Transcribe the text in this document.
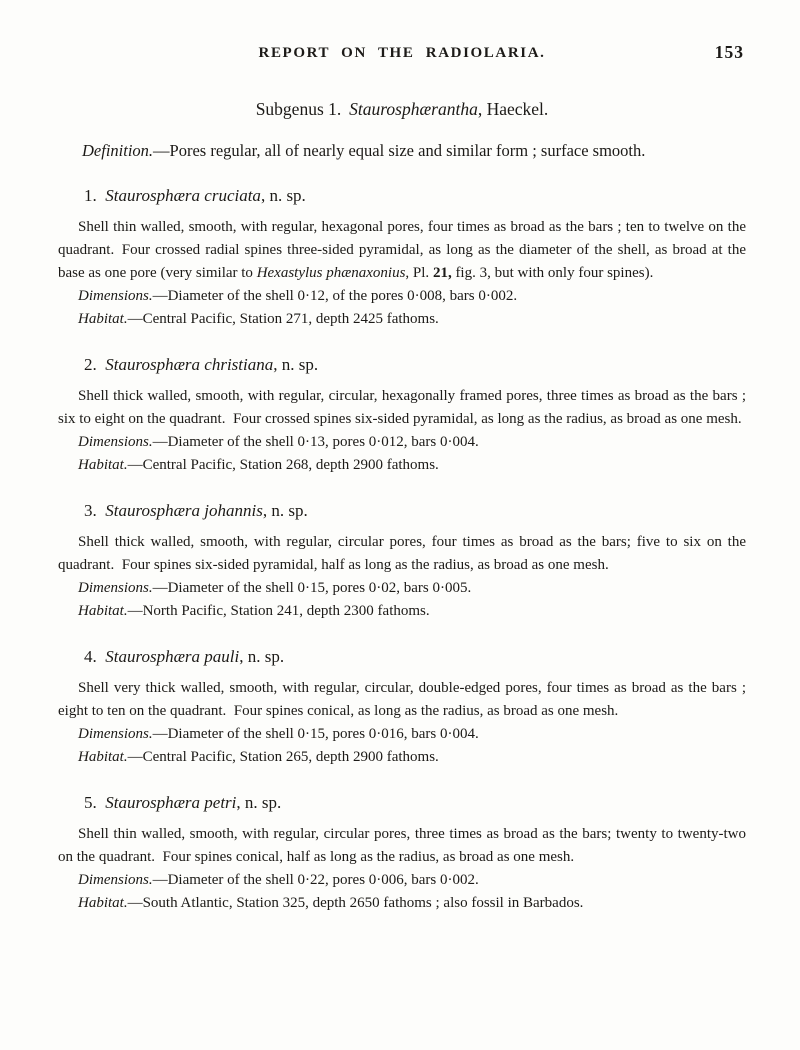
REPORT ON THE RADIOLARIA.	153
Subgenus 1. Staurosphærantha, Haeckel.

Definition.—Pores regular, all of nearly equal size and similar form ; surface smooth.

1. Staurosphæra cruciata, n. sp.

Shell thin walled, smooth, with regular, hexagonal pores, four times as broad as the bars ; ten to twelve on the quadrant. Four crossed radial spines three-sided pyramidal, as long as the diameter of the shell, as broad at the base as one pore (very similar to Hexastylus phænaxonius, Pl. 21, fig. 3, but with only four spines).

Dimensions.—Diameter of the shell 0·12, of the pores 0·008, bars 0·002.

Habitat.—Central Pacific, Station 271, depth 2425 fathoms.

2. Staurosphæra christiana, n. sp.

Shell thick walled, smooth, with regular, circular, hexagonally framed pores, three times as broad as the bars ; six to eight on the quadrant. Four crossed spines six-sided pyramidal, as long as the radius, as broad as one mesh.

Dimensions.—Diameter of the shell 0·13, pores 0·012, bars 0·004.

Habitat.—Central Pacific, Station 268, depth 2900 fathoms.

3. Staurosphæra johannis, n. sp.

Shell thick walled, smooth, with regular, circular pores, four times as broad as the bars; five to six on the quadrant. Four spines six-sided pyramidal, half as long as the radius, as broad as one mesh.

Dimensions.—Diameter of the shell 0·15, pores 0·02, bars 0·005.

Habitat.—North Pacific, Station 241, depth 2300 fathoms.

4. Staurosphæra pauli, n. sp.

Shell very thick walled, smooth, with regular, circular, double-edged pores, four times as broad as the bars ; eight to ten on the quadrant. Four spines conical, as long as the radius, as broad as one mesh.

Dimensions.—Diameter of the shell 0·15, pores 0·016, bars 0·004.

Habitat.—Central Pacific, Station 265, depth 2900 fathoms.

5. Staurosphæra petri, n. sp.

Shell thin walled, smooth, with regular, circular pores, three times as broad as the bars; twenty to twenty-two on the quadrant. Four spines conical, half as long as the radius, as broad as one mesh.

Dimensions.—Diameter of the shell 0·22, pores 0·006, bars 0·002.

Habitat.—South Atlantic, Station 325, depth 2650 fathoms ; also fossil in Barbados.
